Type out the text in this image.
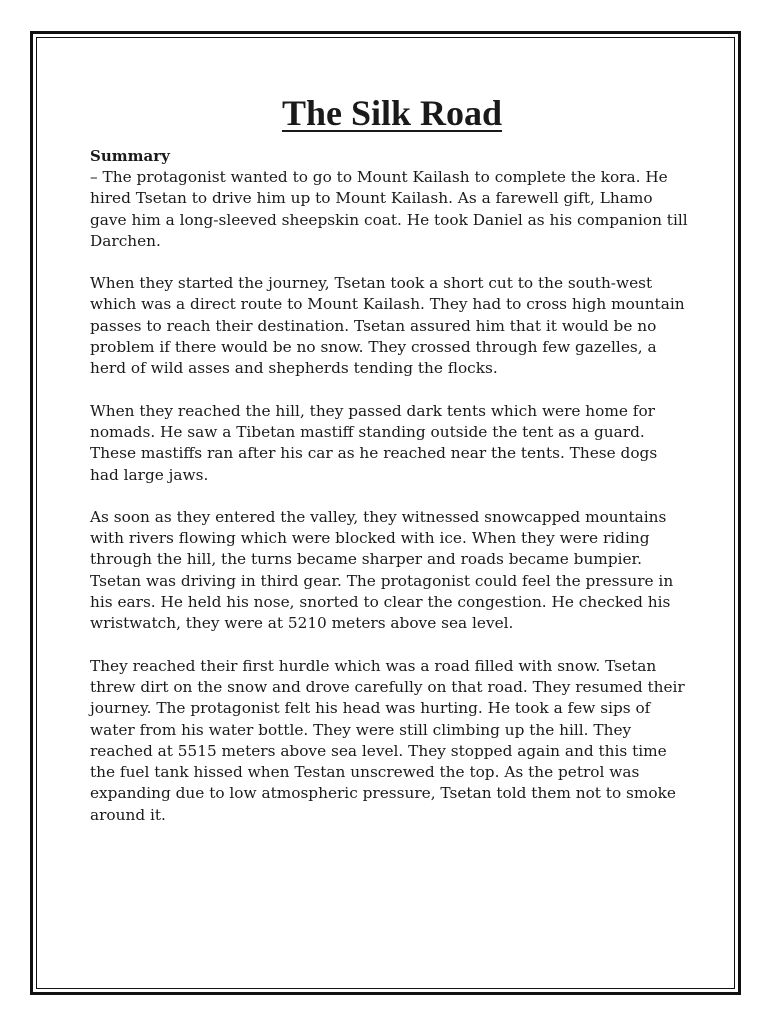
The Silk Road

Summary

– The protagonist wanted to go to Mount Kailash to complete the kora. He hired Tsetan to drive him up to Mount Kailash. As a farewell gift, Lhamo gave him a long-sleeved sheepskin coat. He took Daniel as his companion till Darchen.

When they started the journey, Tsetan took a short cut to the south-west which was a direct route to Mount Kailash. They had to cross high mountain passes to reach their destination. Tsetan assured him that it would be no problem if there would be no snow. They crossed through few gazelles, a herd of wild asses and shepherds tending the flocks.

When they reached the hill, they passed dark tents which were home for nomads. He saw a Tibetan mastiff standing outside the tent as a guard. These mastiffs ran after his car as he reached near the tents. These dogs had large jaws.

As soon as they entered the valley, they witnessed snowcapped mountains with rivers flowing which were blocked with ice. When they were riding through the hill, the turns became sharper and roads became bumpier. Tsetan was driving in third gear. The protagonist could feel the pressure in his ears. He held his nose, snorted to clear the congestion. He checked his wristwatch, they were at 5210 meters above sea level.

They reached their first hurdle which was a road filled with snow. Tsetan threw dirt on the snow and drove carefully on that road. They resumed their journey. The protagonist felt his head was hurting. He took a few sips of water from his water bottle. They were still climbing up the hill. They reached at 5515 meters above sea level. They stopped again and this time the fuel tank hissed when Testan unscrewed the top. As the petrol was expanding due to low atmospheric pressure, Tsetan told them not to smoke around it.
